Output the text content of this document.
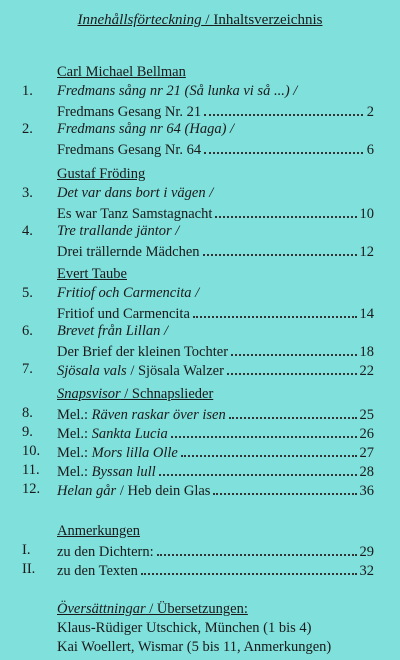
Innehållsförteckning / Inhaltsverzeichnis
Carl Michael Bellman
1. Fredmans sång nr 21 (Så lunka vi så ...) /
Fredmans Gesang Nr. 21	2
2. Fredmans sång nr 64 (Haga) /
Fredmans Gesang Nr. 64	6
Gustaf Fröding
3. Det var dans bort i vägen /
Es war Tanz Samstagnacht	10
4. Tre trallande jäntor /
Drei trällernde Mädchen	12
Evert Taube
5. Fritiof och Carmencita /
Fritiof und Carmencita	14
6. Brevet från Lillan /
Der Brief der kleinen Tochter	18
7. Sjösala vals / Sjösala Walzer	22
Snapsvisor / Schnapslieder
8. Mel.: Räven raskar över isen	25
9. Mel.: Sankta Lucia	26
10. Mel.: Mors lilla Olle	27
11. Mel.: Byssan lull	28
12. Helan går / Heb dein Glas	36
Anmerkungen
I. zu den Dichtern:	29
II. zu den Texten	32
Översättningar / Übersetzungen:
Klaus-Rüdiger Utschick, München (1 bis 4)
Kai Woellert, Wismar (5 bis 11, Anmerkungen)
